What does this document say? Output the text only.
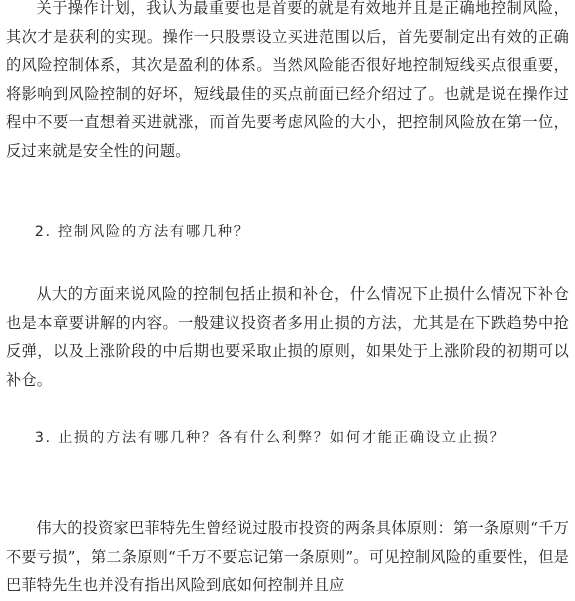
关于操作计划，我认为最重要也是首要的就是有效地并且是正确地控制风险，其次才是获利的实现。操作一只股票设立买进范围以后，首先要制定出有效的正确的风险控制体系，其次是盈利的体系。当然风险能否很好地控制短线买点很重要，将影响到风险控制的好坏，短线最佳的买点前面已经介绍过了。也就是说在操作过程中不要一直想着买进就涨，而首先要考虑风险的大小，把控制风险放在第一位，反过来就是安全性的问题。

2. 控制风险的方法有哪几种？

从大的方面来说风险的控制包括止损和补仓，什么情况下止损什么情况下补仓也是本章要讲解的内容。一般建议投资者多用止损的方法，尤其是在下跌趋势中抢反弹，以及上涨阶段的中后期也要采取止损的原则，如果处于上涨阶段的初期可以补仓。

3. 止损的方法有哪几种？各有什么利弊？如何才能正确设立止损？

伟大的投资家巴菲特先生曾经说过股市投资的两条具体原则：第一条原则“千万不要亏损”，第二条原则“千万不要忘记第一条原则”。可见控制风险的重要性，但是巴菲特先生也并没有指出风险到底如何控制并且应
